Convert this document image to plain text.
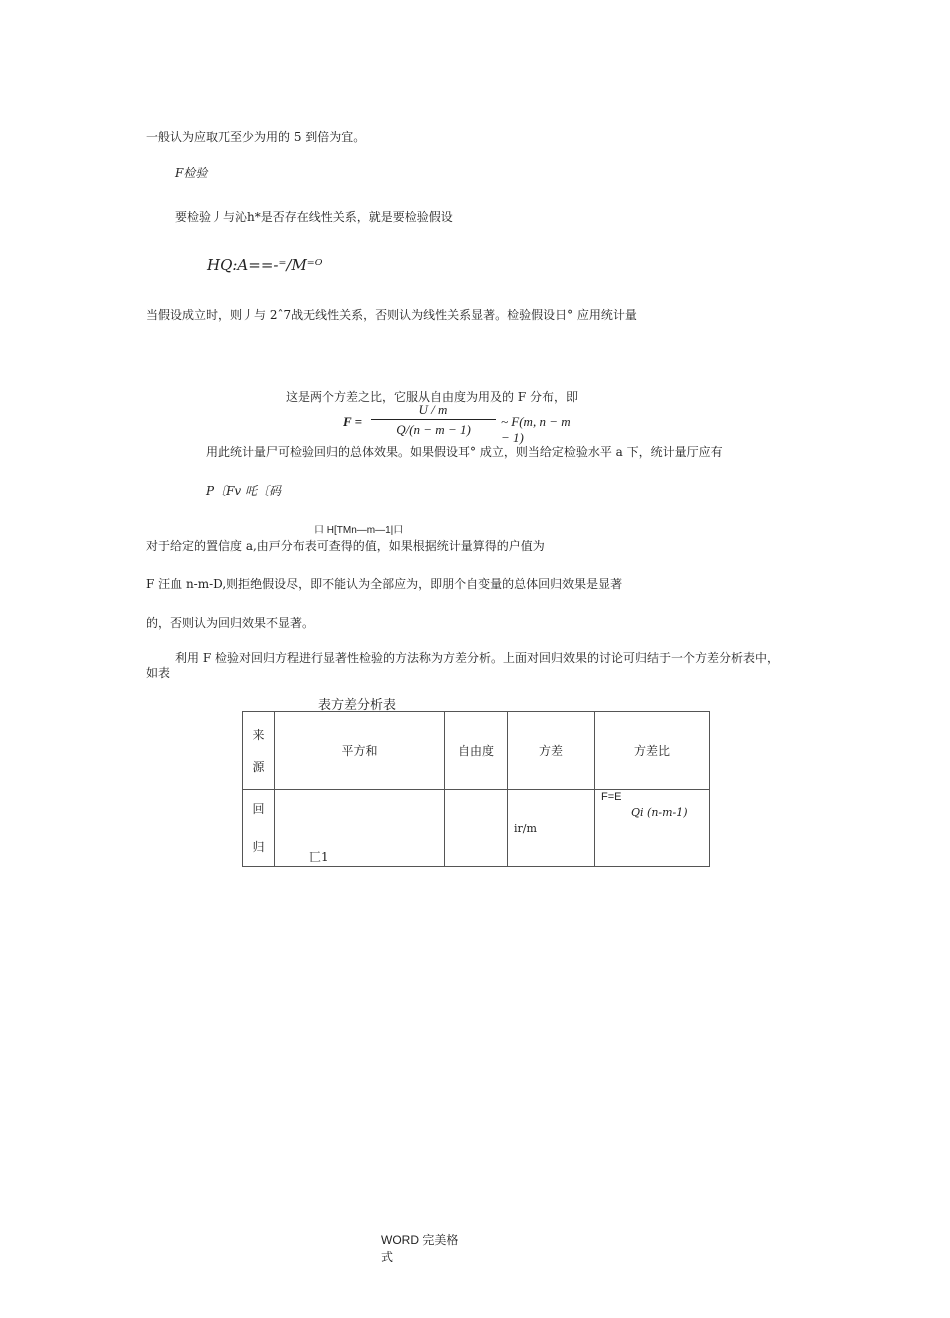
一般认为应取兀至少为用的 5 到倍为宜。
F检验
要检验丿与沁h*是否存在线性关系，就是要检验假设
HQ:A==-⁼/M⁼ᴼ
当假设成立时，则丿与 2ˆ7战无线性关系，否则认为线性关系显著。检验假设日° 应用统计量
这是两个方差之比，它服从自由度为用及的 F 分布，即
F =
U / m
Q/(n − m − 1)
~ F(m, n − m − 1)
用此统计量尸可检验回归的总体效果。如果假设耳° 成立，则当给定检验水平 a 下，统计量厅应有
P〔Fv 吒〔码
口 H[TMn—m—1|口
对于给定的置信度 a,由戸分布表可查得的值，如果根据统计量算得的户值为
F 汪血 n-m-D,则拒绝假设尽，即不能认为全部应为，即朋个自变量的总体回归效果是显著
的，否则认为回归效果不显著。
利用 F 检验对回归方程进行显著性检验的方法称为方差分析。上面对回归效果的讨论可归结于一个方差分析表中，
如表
表方差分析表
来
源	平方和	自由度	方差	方差比

回
归	匸1		ir/m	F=E
Qi (n-m-1)
WORD 完美格
式
